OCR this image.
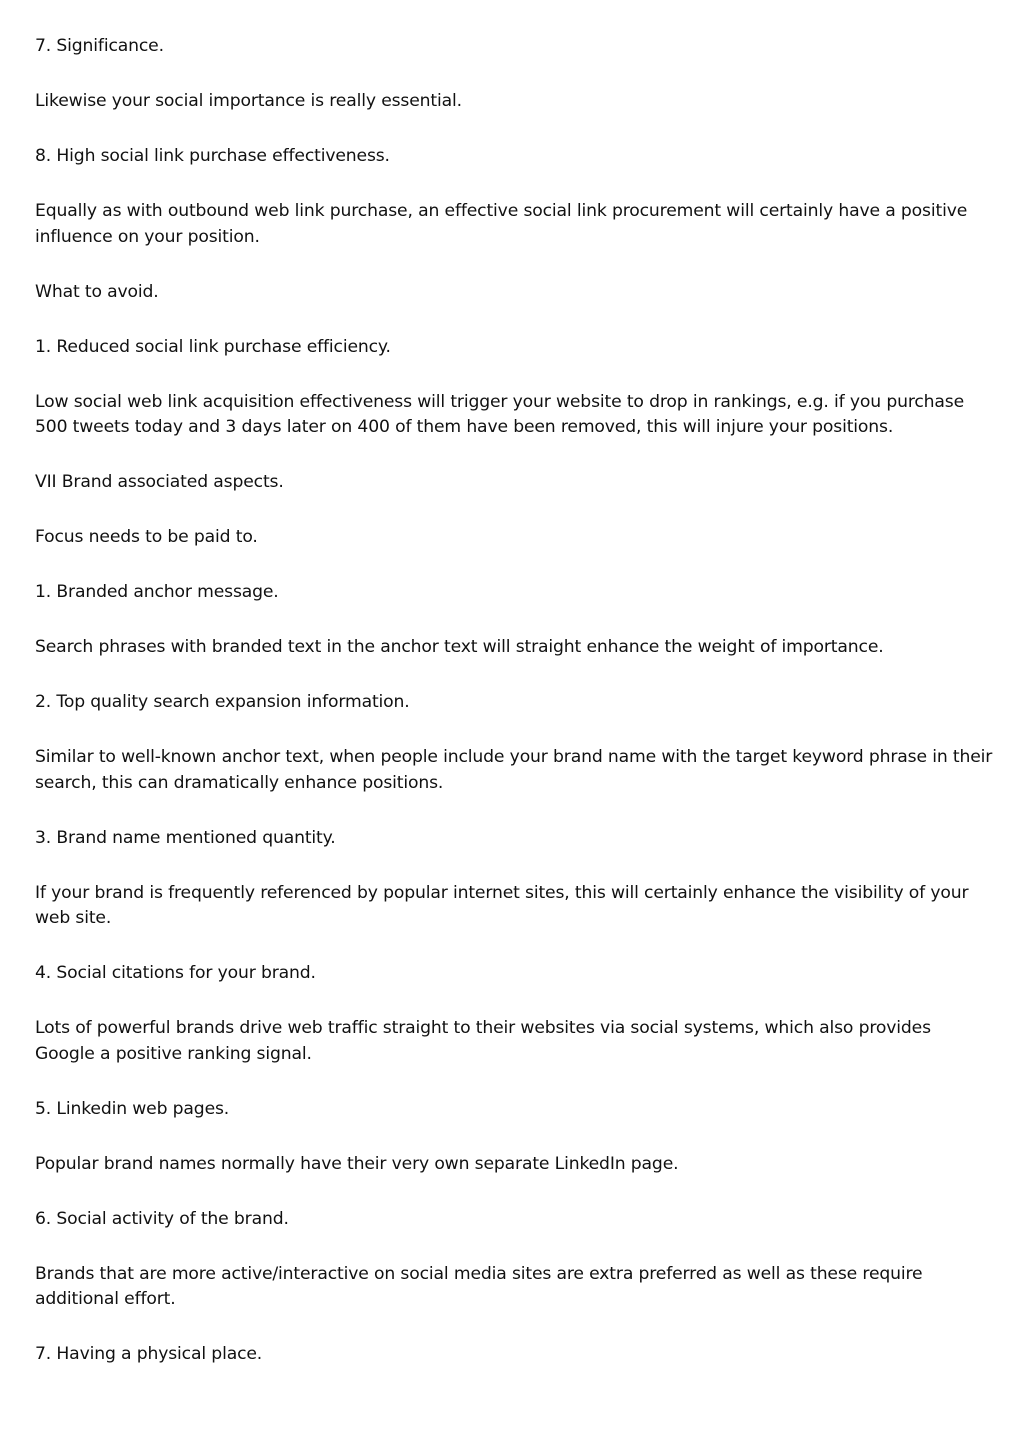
7. Significance.

Likewise your social importance is really essential.

8. High social link purchase effectiveness.

Equally as with outbound web link purchase, an effective social link procurement will certainly have a positive influence on your position.

What to avoid.

1. Reduced social link purchase efficiency.

Low social web link acquisition effectiveness will trigger your website to drop in rankings, e.g. if you purchase 500 tweets today and 3 days later on 400 of them have been removed, this will injure your positions.

VII Brand associated aspects.

Focus needs to be paid to.

1. Branded anchor message.

Search phrases with branded text in the anchor text will straight enhance the weight of importance.

2. Top quality search expansion information.

Similar to well-known anchor text, when people include your brand name with the target keyword phrase in their search, this can dramatically enhance positions.

3. Brand name mentioned quantity.

If your brand is frequently referenced by popular internet sites, this will certainly enhance the visibility of your web site.

4. Social citations for your brand.

Lots of powerful brands drive web traffic straight to their websites via social systems, which also provides Google a positive ranking signal.

5. Linkedin web pages.

Popular brand names normally have their very own separate LinkedIn page.

6. Social activity of the brand.

Brands that are more active/interactive on social media sites are extra preferred as well as these require additional effort.

7. Having a physical place.
